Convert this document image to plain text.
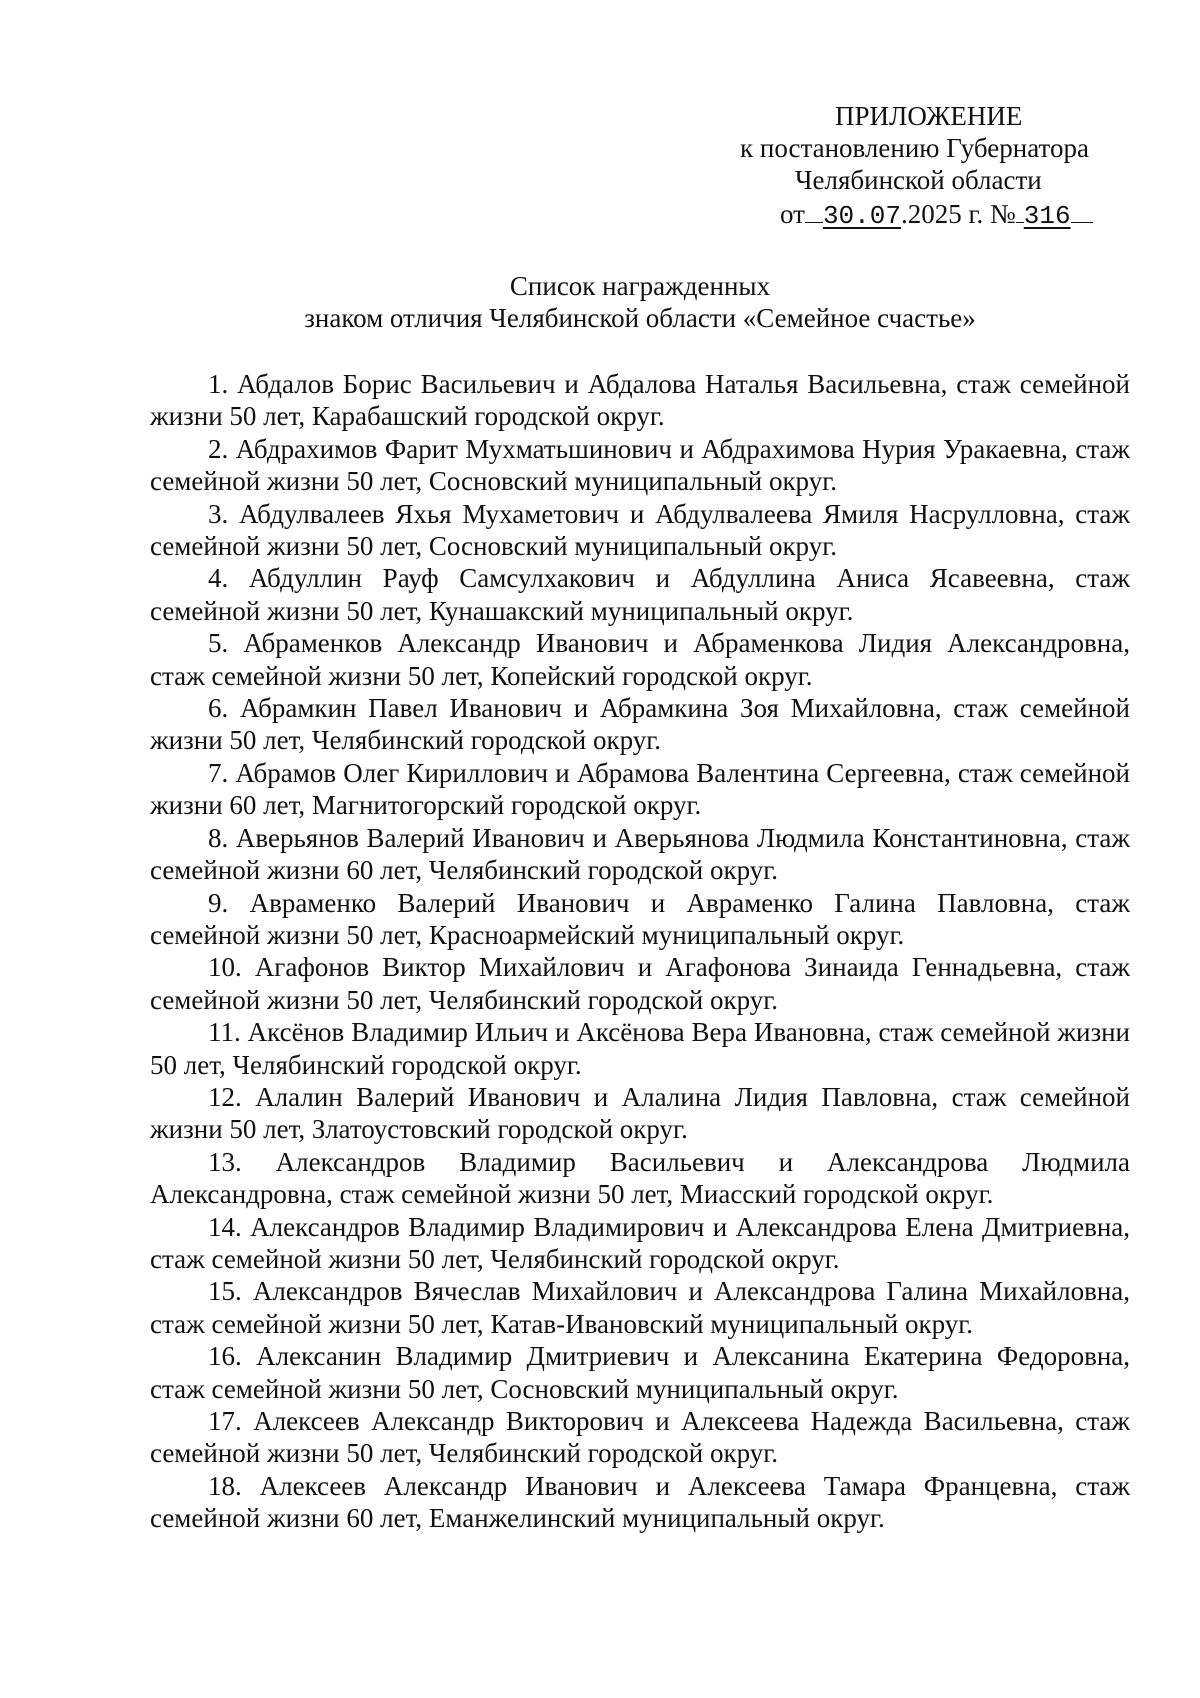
ПРИЛОЖЕНИЕ
к постановлению Губернатора
Челябинской области
от 30.07.2025 г. № 316
Список награжденных
знаком отличия Челябинской области «Семейное счастье»
1. Абдалов Борис Васильевич и Абдалова Наталья Васильевна, стаж семейной жизни 50 лет, Карабашский городской округ.
2. Абдрахимов Фарит Мухматьшинович и Абдрахимова Нурия Уракаевна, стаж семейной жизни 50 лет, Сосновский муниципальный округ.
3. Абдулвалеев Яхья Мухаметович и Абдулвалеева Ямиля Насрулловна, стаж семейной жизни 50 лет, Сосновский муниципальный округ.
4. Абдуллин Рауф Самсулхакович и Абдуллина Аниса Ясавеевна, стаж семейной жизни 50 лет, Кунашакский муниципальный округ.
5. Абраменков Александр Иванович и Абраменкова Лидия Александровна, стаж семейной жизни 50 лет, Копейский городской округ.
6. Абрамкин Павел Иванович и Абрамкина Зоя Михайловна, стаж семейной жизни 50 лет, Челябинский городской округ.
7. Абрамов Олег Кириллович и Абрамова Валентина Сергеевна, стаж семейной жизни 60 лет, Магнитогорский городской округ.
8. Аверьянов Валерий Иванович и Аверьянова Людмила Константиновна, стаж семейной жизни 60 лет, Челябинский городской округ.
9. Авраменко Валерий Иванович и Авраменко Галина Павловна, стаж семейной жизни 50 лет, Красноармейский муниципальный округ.
10. Агафонов Виктор Михайлович и Агафонова Зинаида Геннадьевна, стаж семейной жизни 50 лет, Челябинский городской округ.
11. Аксёнов Владимир Ильич и Аксёнова Вера Ивановна, стаж семейной жизни 50 лет, Челябинский городской округ.
12. Алалин Валерий Иванович и Алалина Лидия Павловна, стаж семейной жизни 50 лет, Златоустовский городской округ.
13. Александров Владимир Васильевич и Александрова Людмила Александровна, стаж семейной жизни 50 лет, Миасский городской округ.
14. Александров Владимир Владимирович и Александрова Елена Дмитриевна, стаж семейной жизни 50 лет, Челябинский городской округ.
15. Александров Вячеслав Михайлович и Александрова Галина Михайловна, стаж семейной жизни 50 лет, Катав-Ивановский муниципальный округ.
16. Алексанин Владимир Дмитриевич и Алексанина Екатерина Федоровна, стаж семейной жизни 50 лет, Сосновский муниципальный округ.
17. Алексеев Александр Викторович и Алексеева Надежда Васильевна, стаж семейной жизни 50 лет, Челябинский городской округ.
18. Алексеев Александр Иванович и Алексеева Тамара Францевна, стаж семейной жизни 60 лет, Еманжелинский муниципальный округ.
